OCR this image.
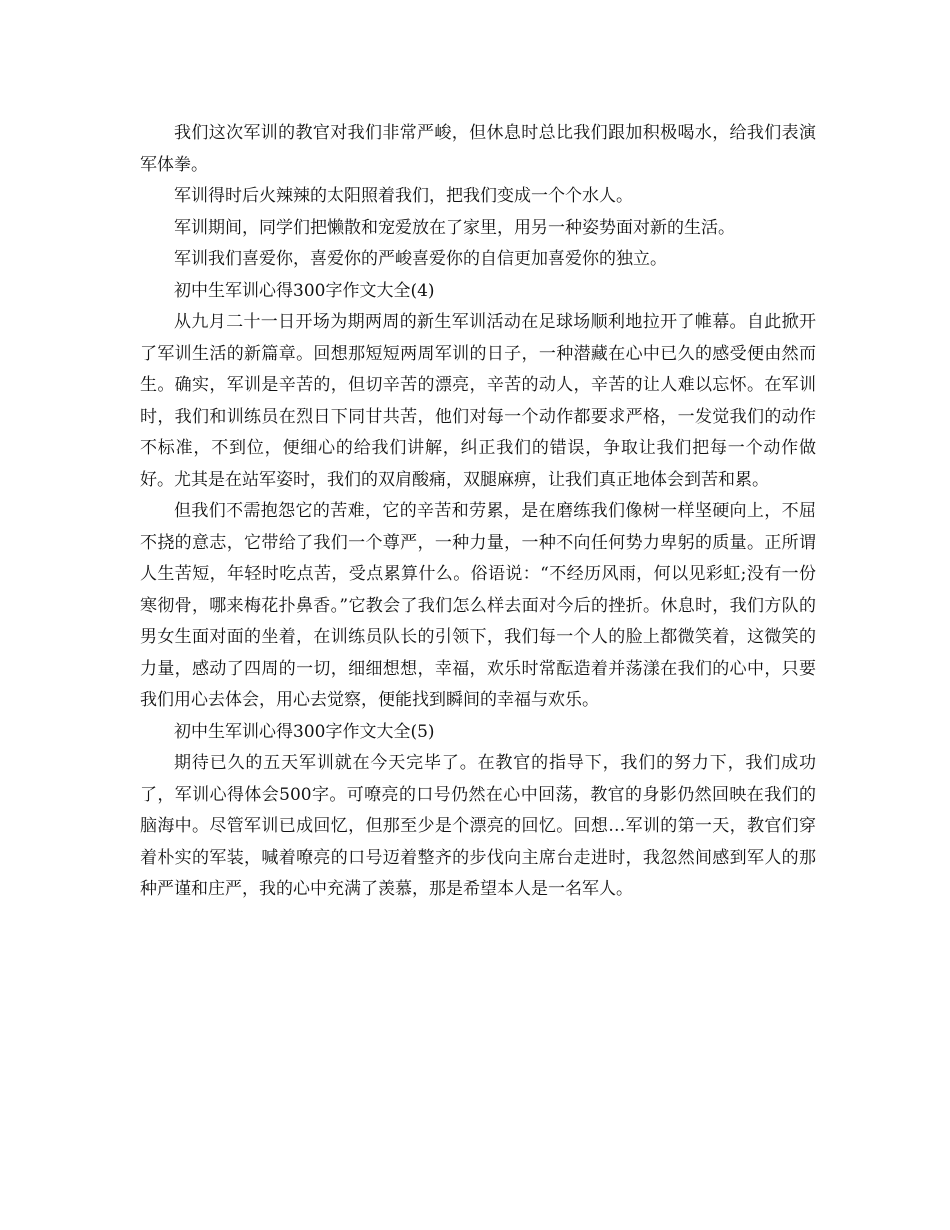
我们这次军训的教官对我们非常严峻，但休息时总比我们跟加积极喝水，给我们表演军体拳。

军训得时后火辣辣的太阳照着我们，把我们变成一个个水人。

军训期间，同学们把懒散和宠爱放在了家里，用另一种姿势面对新的生活。

军训我们喜爱你，喜爱你的严峻喜爱你的自信更加喜爱你的独立。

初中生军训心得300字作文大全(4)

从九月二十一日开场为期两周的新生军训活动在足球场顺利地拉开了帷幕。自此掀开了军训生活的新篇章。回想那短短两周军训的日子，一种潜藏在心中已久的感受便由然而生。确实，军训是辛苦的，但切辛苦的漂亮，辛苦的动人，辛苦的让人难以忘怀。在军训时，我们和训练员在烈日下同甘共苦，他们对每一个动作都要求严格，一发觉我们的动作不标准，不到位，便细心的给我们讲解，纠正我们的错误，争取让我们把每一个动作做好。尤其是在站军姿时，我们的双肩酸痛，双腿麻痹，让我们真正地体会到苦和累。

但我们不需抱怨它的苦难，它的辛苦和劳累，是在磨练我们像树一样坚硬向上，不屈不挠的意志，它带给了我们一个尊严，一种力量，一种不向任何势力卑躬的质量。正所谓人生苦短，年轻时吃点苦，受点累算什么。俗语说：“不经历风雨，何以见彩虹;没有一份寒彻骨，哪来梅花扑鼻香。”它教会了我们怎么样去面对今后的挫折。休息时，我们方队的男女生面对面的坐着，在训练员队长的引领下，我们每一个人的脸上都微笑着，这微笑的力量，感动了四周的一切，细细想想，幸福，欢乐时常酝造着并荡漾在我们的心中，只要我们用心去体会，用心去觉察，便能找到瞬间的幸福与欢乐。

初中生军训心得300字作文大全(5)

期待已久的五天军训就在今天完毕了。在教官的指导下，我们的努力下，我们成功了，军训心得体会500字。可嘹亮的口号仍然在心中回荡，教官的身影仍然回映在我们的脑海中。尽管军训已成回忆，但那至少是个漂亮的回忆。回想…军训的第一天，教官们穿着朴实的军装，喊着嘹亮的口号迈着整齐的步伐向主席台走进时，我忽然间感到军人的那种严谨和庄严，我的心中充满了羡慕，那是希望本人是一名军人。
